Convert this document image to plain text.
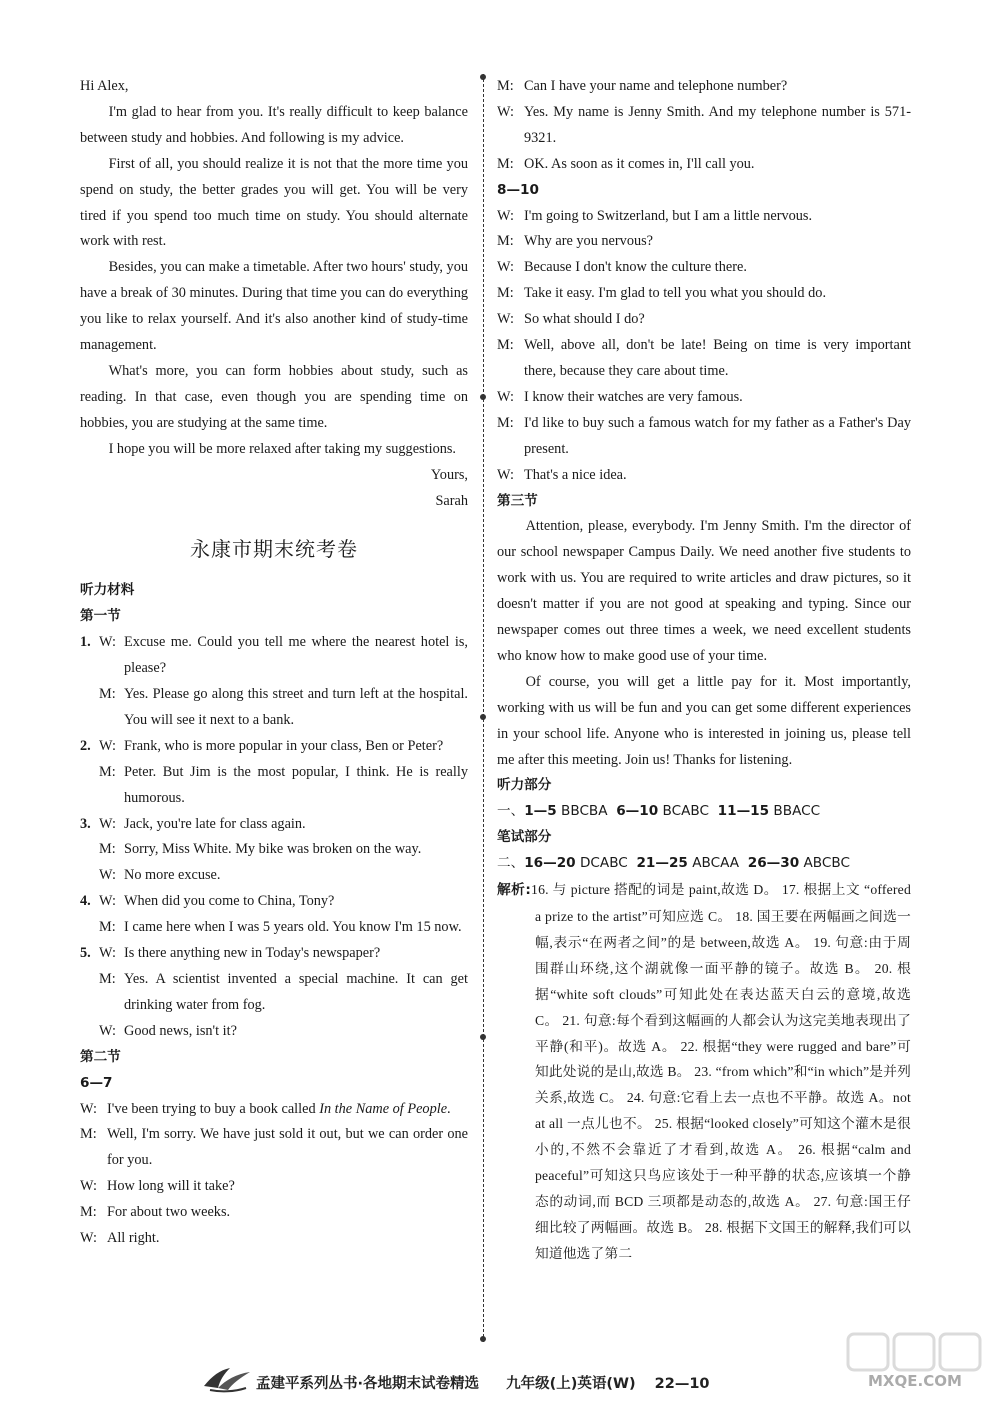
Hi Alex,

I'm glad to hear from you. It's really difficult to keep balance between study and hobbies. And following is my advice.

First of all, you should realize it is not that the more time you spend on study, the better grades you will get. You will be very tired if you spend too much time on study. You should alternate work with rest.

Besides, you can make a timetable. After two hours' study, you have a break of 30 minutes. During that time you can do everything you like to relax yourself. And it's also another kind of study-time management.

What's more, you can form hobbies about study, such as reading. In that case, even though you are spending time on hobbies, you are studying at the same time.

I hope you will be more relaxed after taking my suggestions.

Yours,

Sarah

永康市期末统考卷

听力材料

第一节

1. W: Excuse me. Could you tell me where the nearest hotel is, please?
M: Yes. Please go along this street and turn left at the hospital. You will see it next to a bank.
2. W: Frank, who is more popular in your class, Ben or Peter?
M: Peter. But Jim is the most popular, I think. He is really humorous.
3. W: Jack, you're late for class again.
M: Sorry, Miss White. My bike was broken on the way.
W: No more excuse.
4. W: When did you come to China, Tony?
M: I came here when I was 5 years old. You know I'm 15 now.
5. W: Is there anything new in Today's newspaper?
M: Yes. A scientist invented a special machine. It can get drinking water from fog.
W: Good news, isn't it?

第二节

6—7

W: I've been trying to buy a book called In the Name of People.
M: Well, I'm sorry. We have just sold it out, but we can order one for you.
W: How long will it take?
M: For about two weeks.
W: All right.
M: Can I have your name and telephone number?
W: Yes. My name is Jenny Smith. And my telephone number is 571-9321.
M: OK. As soon as it comes in, I'll call you.

8—10

W: I'm going to Switzerland, but I am a little nervous.
M: Why are you nervous?
W: Because I don't know the culture there.
M: Take it easy. I'm glad to tell you what you should do.
W: So what should I do?
M: Well, above all, don't be late! Being on time is very important there, because they care about time.
W: I know their watches are very famous.
M: I'd like to buy such a famous watch for my father as a Father's Day present.
W: That's a nice idea.

第三节

Attention, please, everybody. I'm Jenny Smith. I'm the director of our school newspaper Campus Daily. We need another five students to work with us. You are required to write articles and draw pictures, so it doesn't matter if you are not good at speaking and typing. Since our newspaper comes out three times a week, we need excellent students who know how to make good use of your time.

Of course, you will get a little pay for it. Most importantly, working with us will be fun and you can get some different experiences in your school life. Anyone who is interested in joining us, please tell me after this meeting. Join us! Thanks for listening.

听力部分

一、1—5 BBCBA 6—10 BCABC 11—15 BBACC

笔试部分

二、16—20 DCABC 21—25 ABCAA 26—30 ABCBC

解析:16. 与 picture 搭配的词是 paint,故选 D。 17. 根据上文 “offered a prize to the artist”可知应选 C。 18. 国王要在两幅画之间选一幅,表示“在两者之间”的是 between,故选 A。 19. 句意:由于周围群山环绕,这个湖就像一面平静的镜子。故选 B。 20. 根据“white soft clouds”可知此处在表达蓝天白云的意境,故选 C。 21. 句意:每个看到这幅画的人都会认为这完美地表现出了平静(和平)。故选 A。 22. 根据“they were rugged and bare”可知此处说的是山,故选 B。 23. “from which”和“in which”是并列关系,故选 C。 24. 句意:它看上去一点也不平静。故选 A。not at all 一点儿也不。 25. 根据“looked closely”可知这个灌木是很小的,不然不会靠近了才看到,故选 A。 26. 根据“calm and peaceful”可知这只鸟应该处于一种平静的状态,应该填一个静态的动词,而 BCD 三项都是动态的,故选 A。 27. 句意:国王仔细比较了两幅画。故选 B。 28. 根据下文国王的解释,我们可以知道他选了第二

孟建平系列丛书·各地期末试卷精选 九年级(上)英语(W) 22—10	MXQE.COM
